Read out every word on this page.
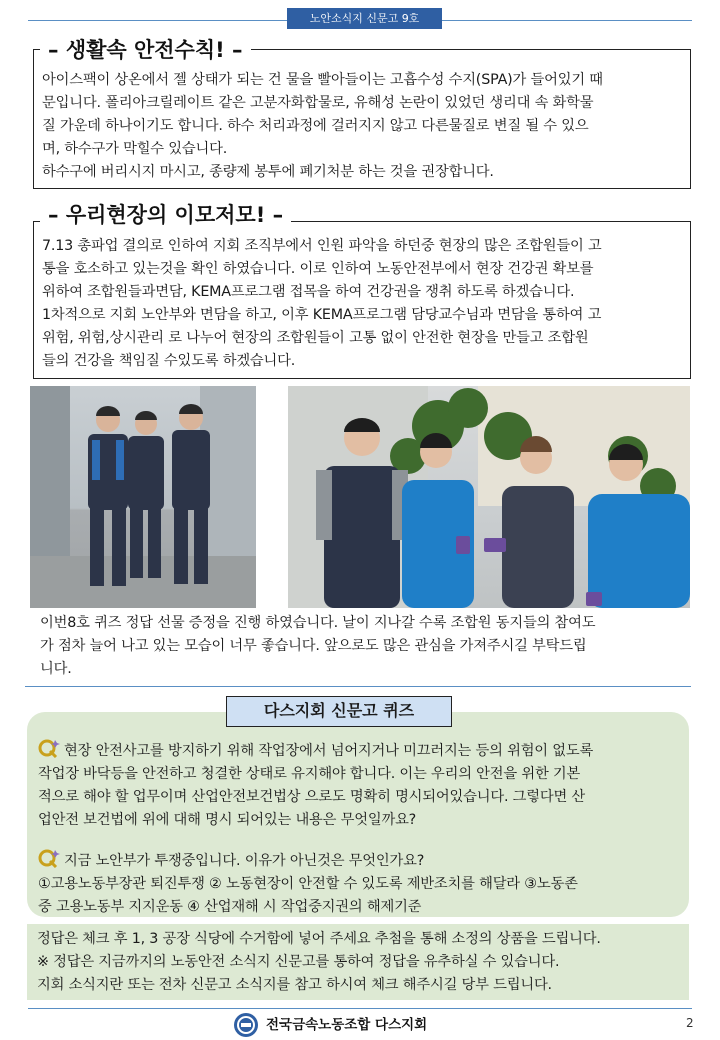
노안소식지 신문고 9호
아이스팩이 상온에서 젤 상태가 되는 건 물을 빨아들이는 고흡수성 수지(SPA)가 들어있기 때
문입니다. 폴리아크릴레이트 같은 고분자화합물로, 유해성 논란이 있었던 생리대 속 화학물
질 가운데 하나이기도 합니다. 하수 처리과정에 걸러지지 않고 다른물질로 변질 될 수 있으
며, 하수구가 막힐수 있습니다.
하수구에 버리시지 마시고, 종량제 봉투에 폐기처분 하는 것을 권장합니다.
– 생활속 안전수칙! –
7.13 총파업 결의로 인하여 지회 조직부에서 인원 파악을 하던중 현장의 많은 조합원들이 고
통을 호소하고 있는것을 확인 하였습니다. 이로 인하여 노동안전부에서 현장 건강권 확보를
위하여 조합원들과면담, KEMA프로그램 접목을 하여 건강권을 쟁취 하도록 하겠습니다.
1차적으로 지회 노안부와 면담을 하고, 이후 KEMA프로그램 담당교수님과 면담을 통하여 고
위험, 위험,상시관리 로 나누어 현장의 조합원들이 고통 없이 안전한 현장을 만들고 조합원
들의 건강을 책임질 수있도록 하겠습니다.
– 우리현장의 이모저모! –
이번8호 퀴즈 정답 선물 증정을 진행 하였습니다. 날이 지나갈 수록 조합원 동지들의 참여도
가 점차 늘어 나고 있는 모습이 너무 좋습니다. 앞으로도 많은 관심을 가져주시길 부탁드립
니다.
다스지회 신문고 퀴즈
현장 안전사고를 방지하기 위해 작업장에서 넘어지거나 미끄러지는 등의 위험이 없도록
작업장 바닥등을 안전하고 청결한 상태로 유지해야 합니다. 이는 우리의 안전을 위한 기본
적으로 해야 할 업무이며 산업안전보건법상 으로도 명확히 명시되어있습니다. 그렇다면 산
업안전 보건법에 위에 대해 명시 되어있는 내용은 무엇일까요?
지금 노안부가 투쟁중입니다. 이유가 아닌것은 무엇인가요?
①고용노동부장관 퇴진투쟁 ② 노동현장이 안전할 수 있도록 제반조치를 해달라 ③노동존
중 고용노동부 지지운동 ④ 산업재해 시 작업중지권의 해제기준
정답은 체크 후 1, 3 공장 식당에 수거함에 넣어 주세요 추첨을 통해 소정의 상품을 드립니다.
※ 정답은 지금까지의 노동안전 소식지 신문고를 통하여 정답을 유추하실 수 있습니다.
지회 소식지란 또는 전차 신문고 소식지를 참고 하시여 체크 해주시길 당부 드립니다.
전국금속노동조합 다스지회	2
